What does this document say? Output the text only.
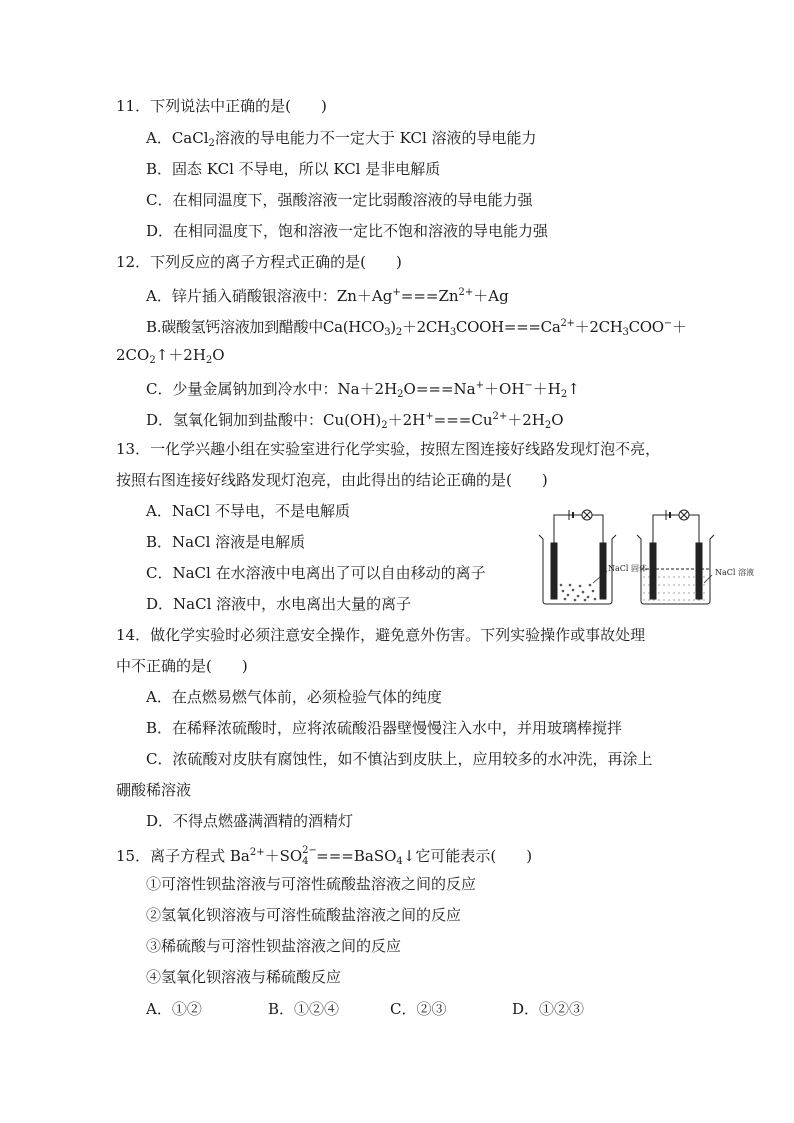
11．下列说法中正确的是(　　)
A．CaCl$_2$溶液的导电能力不一定大于 KCl 溶液的导电能力
B．固态 KCl 不导电，所以 KCl 是非电解质
C．在相同温度下，强酸溶液一定比弱酸溶液的导电能力强
D．在相同温度下，饱和溶液一定比不饱和溶液的导电能力强
12．下列反应的离子方程式正确的是(　　)
A．锌片插入硝酸银溶液中：$Zn+Ag^+===Zn^{2+}+Ag$
B.碳酸氢钙溶液加到醋酸中$Ca(HCO_3)_2+2CH_3COOH===Ca^{2+}+2CH_3COO^-+$
$2CO_2↑+2H_2O$
C．少量金属钠加到冷水中：$Na+2H_2O===Na^++OH^-+H_2↑$
D．氢氧化铜加到盐酸中：$Cu(OH)_2+2H^+===Cu^{2+}+2H_2O$
13．一化学兴趣小组在实验室进行化学实验，按照左图连接好线路发现灯泡不亮，
按照右图连接好线路发现灯泡亮，由此得出的结论正确的是(　　)
A．NaCl 不导电，不是电解质
B．NaCl 溶液是电解质
C．NaCl 在水溶液中电离出了可以自由移动的离子
D．NaCl 溶液中，水电离出大量的离子
NaCl 固体	NaCl 溶液
14．做化学实验时必须注意安全操作，避免意外伤害。下列实验操作或事故处理
中不正确的是(　　)
A．在点燃易燃气体前，必须检验气体的纯度
B．在稀释浓硫酸时，应将浓硫酸沿器壁慢慢注入水中，并用玻璃棒搅拌
C．浓硫酸对皮肤有腐蚀性，如不慎沾到皮肤上，应用较多的水冲洗，再涂上
硼酸稀溶液
D．不得点燃盛满酒精的酒精灯
15．离子方程式 $Ba^{2+}+SO$ 2−
4 ===BaSO$_4$↓它可能表示(　　)
①可溶性钡盐溶液与可溶性硫酸盐溶液之间的反应
②氢氧化钡溶液与可溶性硫酸盐溶液之间的反应
③稀硫酸与可溶性钡盐溶液之间的反应
④氢氧化钡溶液与稀硫酸反应
A．①②	B．①②④	C．②③	D．①②③
